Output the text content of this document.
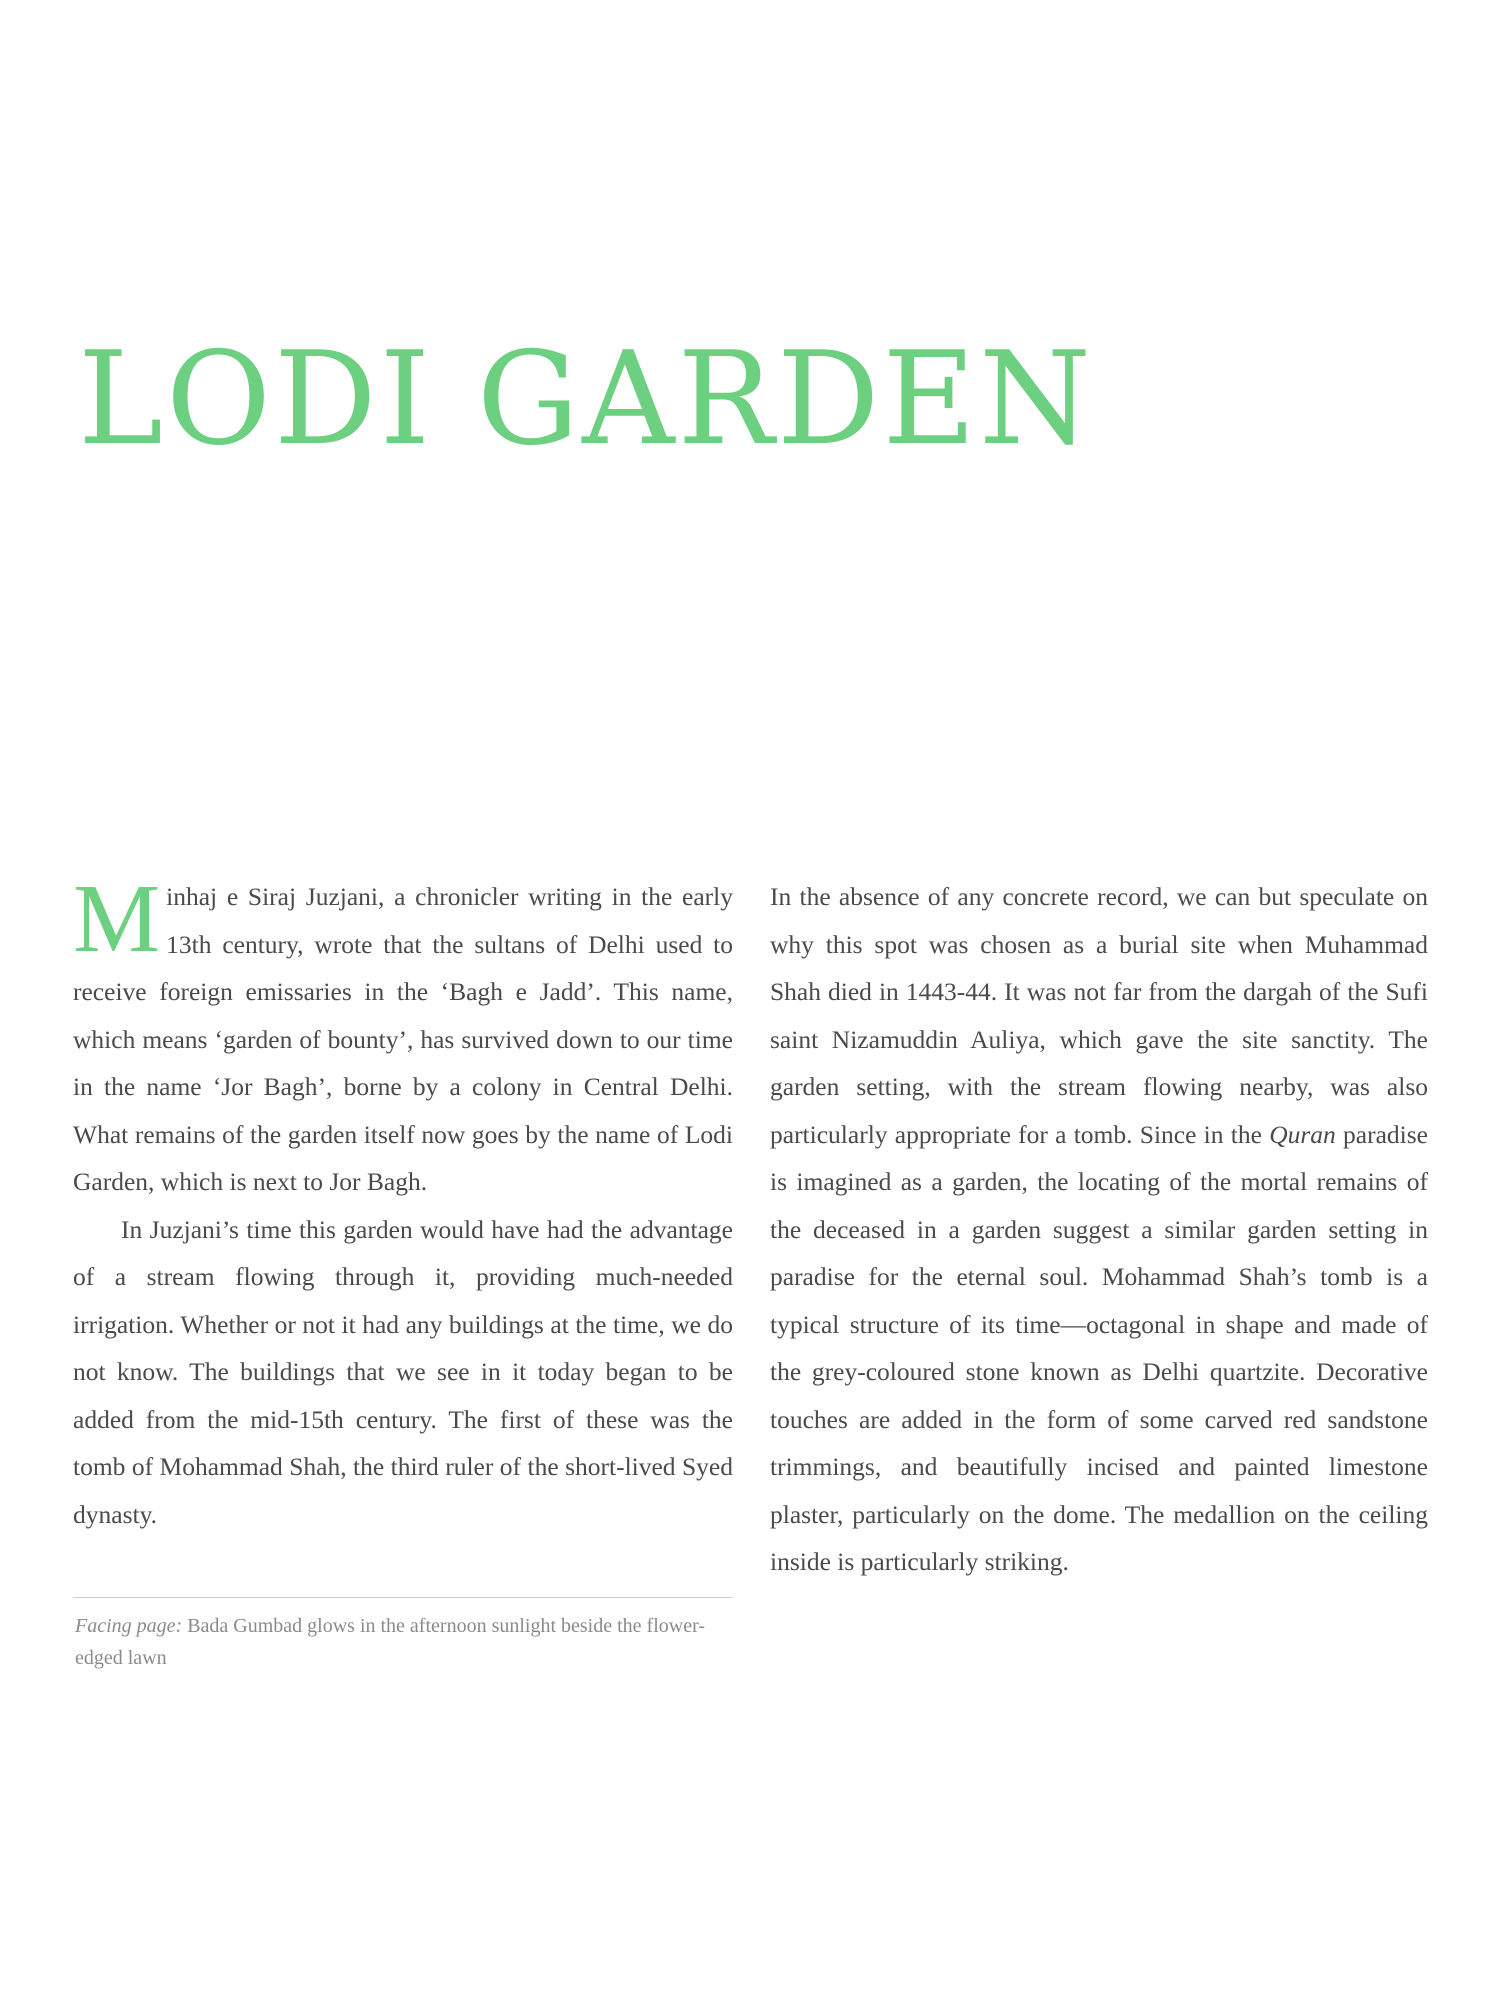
LODI GARDEN

Minhaj e Siraj Juzjani, a chronicler writing in the early 13th century, wrote that the sultans of Delhi used to receive foreign emissaries in the ‘Bagh e Jadd’. This name, which means ‘garden of bounty’, has survived down to our time in the name ‘Jor Bagh’, borne by a colony in Central Delhi. What remains of the garden itself now goes by the name of Lodi Garden, which is next to Jor Bagh.

In Juzjani’s time this garden would have had the advantage of a stream flowing through it, providing much-needed irrigation. Whether or not it had any buildings at the time, we do not know. The buildings that we see in it today began to be added from the mid-15th century. The first of these was the tomb of Mohammad Shah, the third ruler of the short-lived Syed dynasty.

Facing page: Bada Gumbad glows in the afternoon sunlight beside the flower-edged lawn

In the absence of any concrete record, we can but speculate on why this spot was chosen as a burial site when Muhammad Shah died in 1443-44. It was not far from the dargah of the Sufi saint Nizamuddin Auliya, which gave the site sanctity. The garden setting, with the stream flowing nearby, was also particularly appropriate for a tomb. Since in the Quran paradise is imagined as a garden, the locating of the mortal remains of the deceased in a garden suggest a similar garden setting in paradise for the eternal soul. Mohammad Shah’s tomb is a typical structure of its time—octagonal in shape and made of the grey-coloured stone known as Delhi quartzite. Decorative touches are added in the form of some carved red sandstone trimmings, and beautifully incised and painted limestone plaster, particularly on the dome. The medallion on the ceiling inside is particularly striking.
